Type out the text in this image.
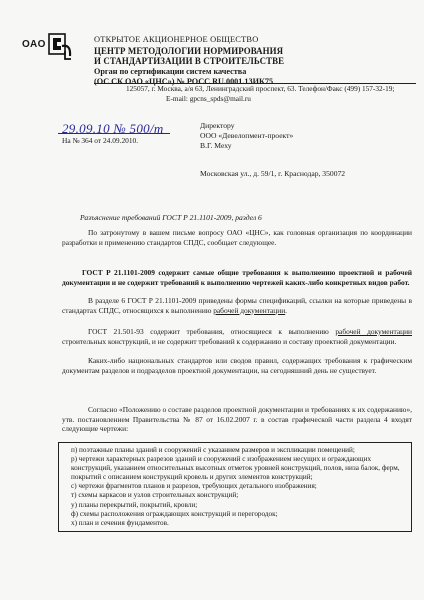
ОАО	ОТКРЫТОЕ АКЦИОНЕРНОЕ ОБЩЕСТВО
ЦЕНТР МЕТОДОЛОГИИ НОРМИРОВАНИЯ
И СТАНДАРТИЗАЦИИ В СТРОИТЕЛЬСТВЕ
Орган по сертификации систем качества
(ОС СК ОАО «ЦНС») № РОСС RU.0001.13ИК75
125057, г. Москва, а/я 63, Ленинградский проспект, 63. Телефон/Факс (499) 157-32-19;
E-mail: gpcns_spds@mail.ru
29.09.10 № 500/m
На № 364 от 24.09.2010.
Директору
ООО «Девелопмент-проект»
В.Г. Меху
Московская ул., д. 59/1, г. Краснодар, 350072
Разъяснение требований ГОСТ Р 21.1101-2009, раздел 6
По затронутому в вашем письме вопросу ОАО «ЦНС», как головная организация по координации разработки и применению стандартов СПДС, сообщает следующее.
ГОСТ Р 21.1101-2009 содержит самые общие требования к выполнению проектной и рабочей документации и не содержит требований к выполнению чертежей каких-либо конкретных видов работ.
В разделе 6 ГОСТ Р 21.1101-2009 приведены формы спецификаций, ссылки на которые приведены в стандартах СПДС, относящихся к выполнению рабочей документации.
ГОСТ 21.501-93 содержит требования, относящиеся к выполнению рабочей документации строительных конструкций, и не содержит требований к содержанию и составу проектной документации.
Каких-либо национальных стандартов или сводов правил, содержащих требования к графическим документам разделов и подразделов проектной документации, на сегодняшний день не существует.
Согласно «Положению о составе разделов проектной документации и требованиях к их содержанию», утв. постановлением Правительства № 87 от 16.02.2007 г. в состав графической части раздела 4 входят следующие чертежи:
п) поэтажные планы зданий и сооружений с указанием размеров и экспликации помещений;
р) чертежи характерных разрезов зданий и сооружений с изображением несущих и ограждающих конструкций, указанием относительных высотных отметок уровней конструкций, полов, низа балок, ферм, покрытий с описанием конструкций кровель и других элементов конструкций;
с) чертежи фрагментов планов и разрезов, требующих детального изображения;
т) схемы каркасов и узлов строительных конструкций;
у) планы перекрытий, покрытий, кровли;
ф) схемы расположения ограждающих конструкций и перегородок;
х) план и сечения фундаментов.
